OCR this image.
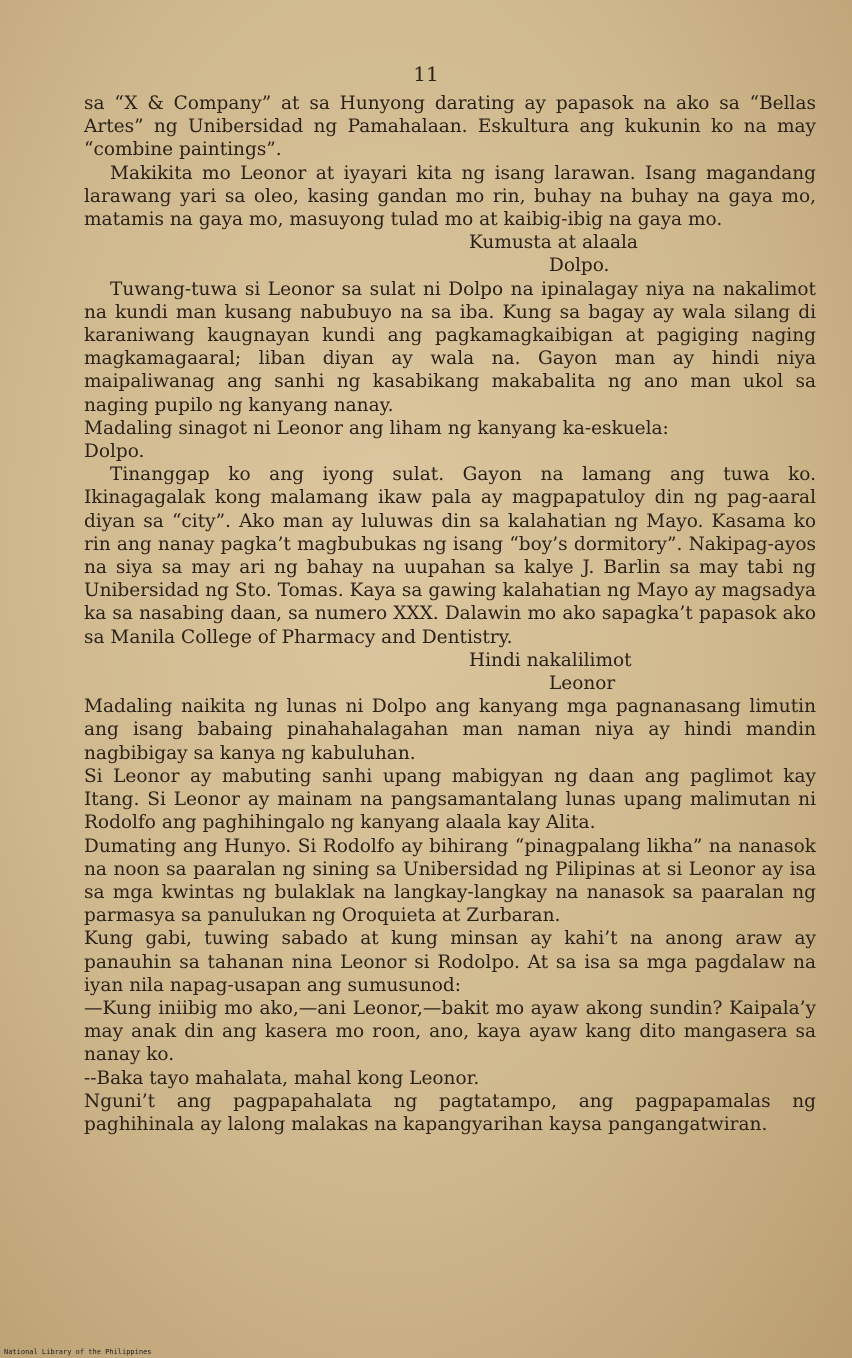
11

sa “X & Company” at sa Hunyong darating ay papasok na ako sa “Bellas Artes” ng Unibersidad ng Pamahalaan. Eskultura ang kukunin ko na may “combine paintings”.

Makikita mo Leonor at iyayari kita ng isang larawan. Isang magandang larawang yari sa oleo, kasing gandan mo rin, buhay na buhay na gaya mo, matamis na gaya mo, masuyong tulad mo at kaibig-ibig na gaya mo.

Kumusta at alaala

Dolpo.

Tuwang-tuwa si Leonor sa sulat ni Dolpo na ipinalagay niya na nakalimot na kundi man kusang nabubuyo na sa iba. Kung sa bagay ay wala silang di karaniwang kaugnayan kundi ang pagkamagkaibigan at pagiging naging magkamagaaral; liban diyan ay wala na. Gayon man ay hindi niya maipaliwanag ang sanhi ng kasabikang makabalita ng ano man ukol sa naging pupilo ng kanyang nanay.

Madaling sinagot ni Leonor ang liham ng kanyang ka-eskuela:

Dolpo.

Tinanggap ko ang iyong sulat. Gayon na lamang ang tuwa ko. Ikinagagalak kong malamang ikaw pala ay magpapatuloy din ng pag-aaral diyan sa “city”. Ako man ay luluwas din sa kalahatian ng Mayo. Kasama ko rin ang nanay pagka’t magbubukas ng isang “boy’s dormitory”. Nakipag-ayos na siya sa may ari ng bahay na uupahan sa kalye J. Barlin sa may tabi ng Unibersidad ng Sto. Tomas. Kaya sa gawing kalahatian ng Mayo ay magsadya ka sa nasabing daan, sa numero XXX. Dalawin mo ako sapagka’t papasok ako sa Manila College of Pharmacy and Dentistry.

Hindi nakalilimot

Leonor

Madaling naikita ng lunas ni Dolpo ang kanyang mga pagnanasang limutin ang isang babaing pinahahalagahan man naman niya ay hindi mandin nagbibigay sa kanya ng kabuluhan.

Si Leonor ay mabuting sanhi upang mabigyan ng daan ang paglimot kay Itang. Si Leonor ay mainam na pangsamantalang lunas upang malimutan ni Rodolfo ang paghihingalo ng kanyang alaala kay Alita.

Dumating ang Hunyo. Si Rodolfo ay bihirang “pinagpalang likha” na nanasok na noon sa paaralan ng sining sa Unibersidad ng Pilipinas at si Leonor ay isa sa mga kwintas ng bulaklak na langkay-langkay na nanasok sa paaralan ng parmasya sa panulukan ng Oroquieta at Zurbaran.

Kung gabi, tuwing sabado at kung minsan ay kahi’t na anong araw ay panauhin sa tahanan nina Leonor si Rodolpo. At sa isa sa mga pagdalaw na iyan nila napag-usapan ang sumusunod:

—Kung iniibig mo ako,—ani Leonor,—bakit mo ayaw akong sundin? Kaipala’y may anak din ang kasera mo roon, ano, kaya ayaw kang dito mangasera sa nanay ko.

--Baka tayo mahalata, mahal kong Leonor.

Nguni’t ang pagpapahalata ng pagtatampo, ang pagpapamalas ng paghihinala ay lalong malakas na kapangyarihan kaysa pangangatwiran.

National Library of the Philippines
